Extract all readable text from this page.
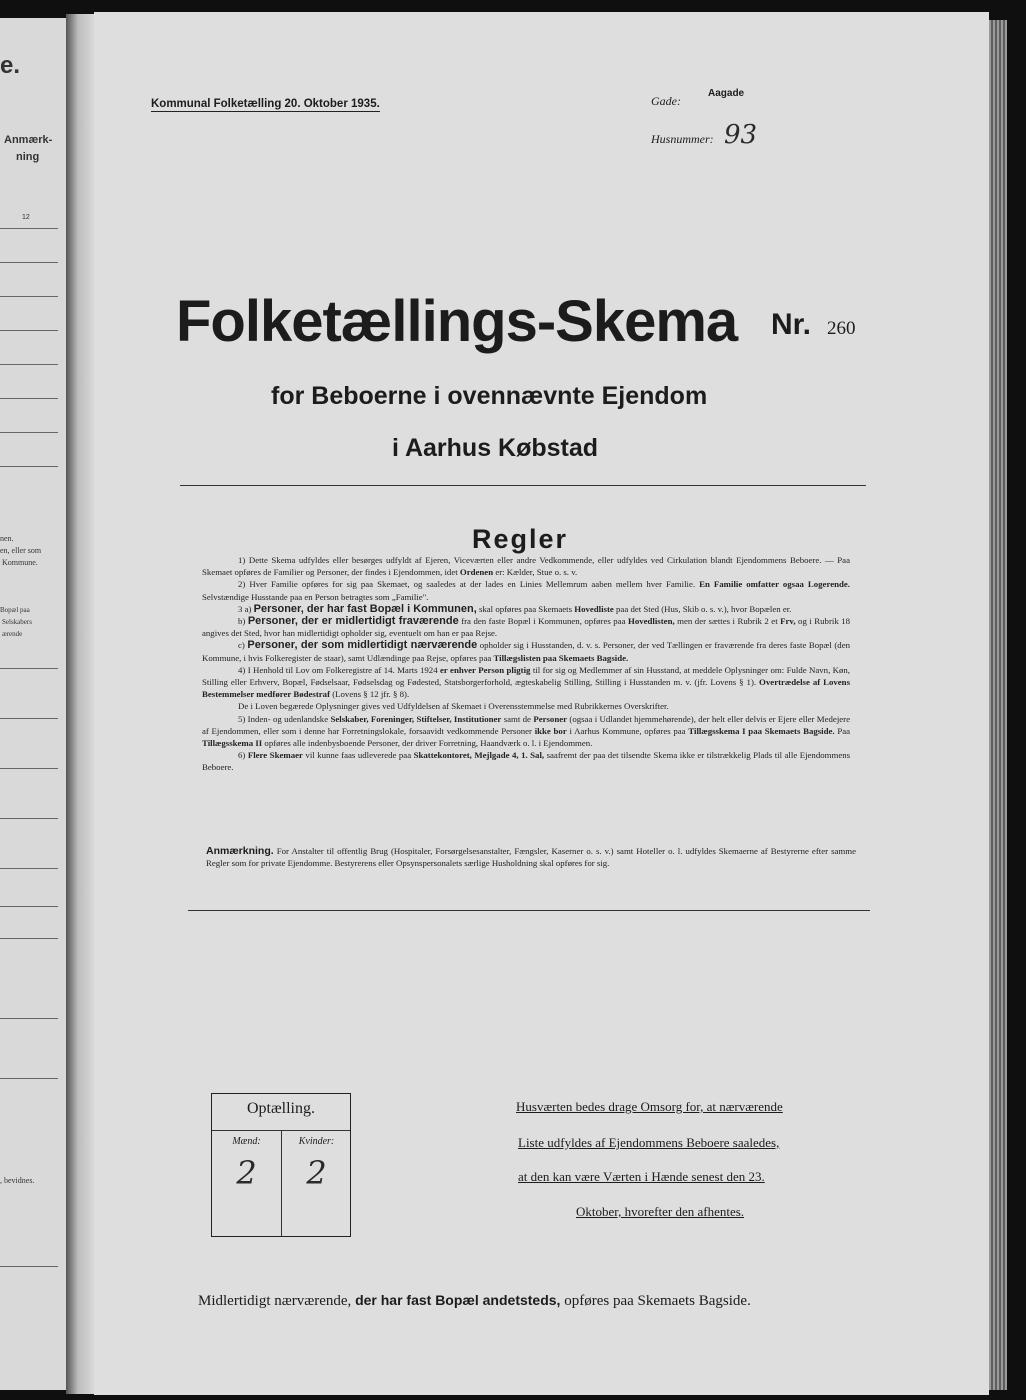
e.
Anmærk-
ning
12
nen.
en, eller som
Kommune.
Bopæl paa
Selskabers
ærende
, bevidnes.
Kommunal Folketælling 20. Oktober 1935.	Gade:
Aagade
Husnummer: 93
Folketællings-Skema Nr. 260
for Beboerne i ovennævnte Ejendom
i Aarhus Købstad
Regler

1) Dette Skema udfyldes eller besørges udfyldt af Ejeren, Viceværten eller andre Vedkommende, eller udfyldes ved Cirkulation blandt Ejendommens Beboere. — Paa Skemaet opføres de Familier og Personer, der findes i Ejendommen, idet Ordenen er: Kælder, Stue o. s. v.

2) Hver Familie opføres for sig paa Skemaet, og saaledes at der lades en Linies Mellemrum aaben mellem hver Familie. En Familie omfatter ogsaa Logerende. Selvstændige Husstande paa en Person betragtes som „Familie".

3 a) Personer, der har fast Bopæl i Kommunen, skal opføres paa Skemaets Hovedliste paa det Sted (Hus, Skib o. s. v.), hvor Bopælen er.

b) Personer, der er midlertidigt fraværende fra den faste Bopæl i Kommunen, opføres paa Hovedlisten, men der sættes i Rubrik 2 et Frv, og i Rubrik 18 angives det Sted, hvor han midlertidigt opholder sig, eventuelt om han er paa Rejse.

c) Personer, der som midlertidigt nærværende opholder sig i Husstanden, d. v. s. Personer, der ved Tællingen er fraværende fra deres faste Bopæl (den Kommune, i hvis Folkeregister de staar), samt Udlændinge paa Rejse, opføres paa Tillægslisten paa Skemaets Bagside.

4) I Henhold til Lov om Folkeregistre af 14. Marts 1924 er enhver Person pligtig til for sig og Medlemmer af sin Husstand, at meddele Oplysninger om: Fulde Navn, Køn, Stilling eller Erhverv, Bopæl, Fødselsaar, Fødselsdag og Fødested, Statsborgerforhold, ægteskabelig Stilling, Stilling i Husstanden m. v. (jfr. Lovens § 1). Overtrædelse af Lovens Bestemmelser medfører Bødestraf (Lovens § 12 jfr. § 8).

De i Loven begærede Oplysninger gives ved Udfyldelsen af Skemaet i Overensstemmelse med Rubrikkernes Overskrifter.

5) Inden- og udenlandske Selskaber, Foreninger, Stiftelser, Institutioner samt de Personer (ogsaa i Udlandet hjemmehørende), der helt eller delvis er Ejere eller Medejere af Ejendommen, eller som i denne har Forretningslokale, forsaavidt vedkommende Personer ikke bor i Aarhus Kommune, opføres paa Tillægsskema I paa Skemaets Bagside. Paa Tillægsskema II opføres alle indenbysboende Personer, der driver Forretning, Haandværk o. l. i Ejendommen.

6) Flere Skemaer vil kunne faas udleverede paa Skattekontoret, Mejlgade 4, 1. Sal, saafremt der paa det tilsendte Skema ikke er tilstrækkelig Plads til alle Ejendommens Beboere.

Anmærkning. For Anstalter til offentlig Brug (Hospitaler, Forsørgelsesanstalter, Fængsler, Kaserner o. s. v.) samt Hoteller o. l. udfyldes Skemaerne af Bestyrerne efter samme Regler som for private Ejendomme. Bestyrerens eller Opsynspersonalets særlige Husholdning skal opføres for sig.
Optælling.
Mænd:	Kvinder:
2	2
Husværten bedes drage Omsorg for, at nærværende
Liste udfyldes af Ejendommens Beboere saaledes,
at den kan være Værten i Hænde senest den 23.
Oktober, hvorefter den afhentes.
Midlertidigt nærværende, der har fast Bopæl andetsteds, opføres paa Skemaets Bagside.
